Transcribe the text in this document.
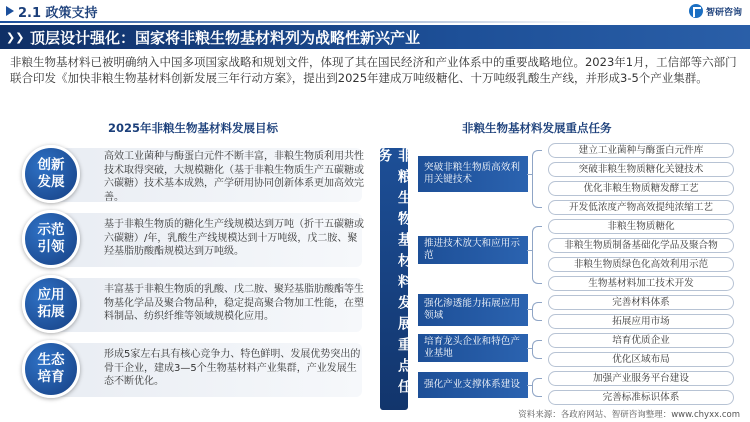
2.1 政策支持	智研咨询
❯❯ 顶层设计强化：国家将非粮生物基材料列为战略性新兴产业
非粮生物基材料已被明确纳入中国多项国家战略和规划文件，体现了其在国民经济和产业体系中的重要战略地位。2023年1月，工信部等六部门联合印发《加快非粮生物基材料创新发展三年行动方案》，提出到2025年建成万吨级糖化、十万吨级乳酸生产线，并形成3-5个产业集群。
2025年非粮生物基材料发展目标	非粮生物基材料发展重点任务
创新发展
高效工业菌种与酶蛋白元件不断丰富，非粮生物质利用共性技术取得突破，大规模糖化（基于非粮生物质生产五碳糖或六碳糖）技术基本成熟，产学研用协同创新体系更加高效完善。
示范引领
基于非粮生物质的糖化生产线规模达到万吨（折干五碳糖或六碳糖）/年，乳酸生产线规模达到十万吨级，戊二胺、聚羟基脂肪酸酯规模达到万吨级。
应用拓展
丰富基于非粮生物质的乳酸、戊二胺、聚羟基脂肪酸酯等生物基化学品及聚合物品种，稳定提高聚合物加工性能，在塑料制品、纺织纤维等领域规模化应用。
生态培育
形成5家左右具有核心竞争力、特色鲜明、发展优势突出的骨干企业，建成3—5个生物基材料产业集群，产业发展生态不断优化。	非粮生物基材料发展重点任务	突破非粮生物质高效利用关键技术
建立工业菌种与酶蛋白元件库
突破非粮生物质糖化关键技术
优化非粮生物质糖发酵工艺
开发低浓度产物高效提纯浓缩工艺
推进技术放大和应用示范
非粮生物质糖化
非粮生物质制备基础化学品及聚合物
非粮生物质绿色化高效利用示范
生物基材料加工技术开发
强化渗透能力拓展应用领域
完善材料体系
拓展应用市场
培育龙头企业和特色产业基地
培育优质企业
优化区域布局
强化产业支撑体系建设
加强产业服务平台建设
完善标准标识体系
资料来源：各政府网站、智研咨询整理：www.chyxx.com
